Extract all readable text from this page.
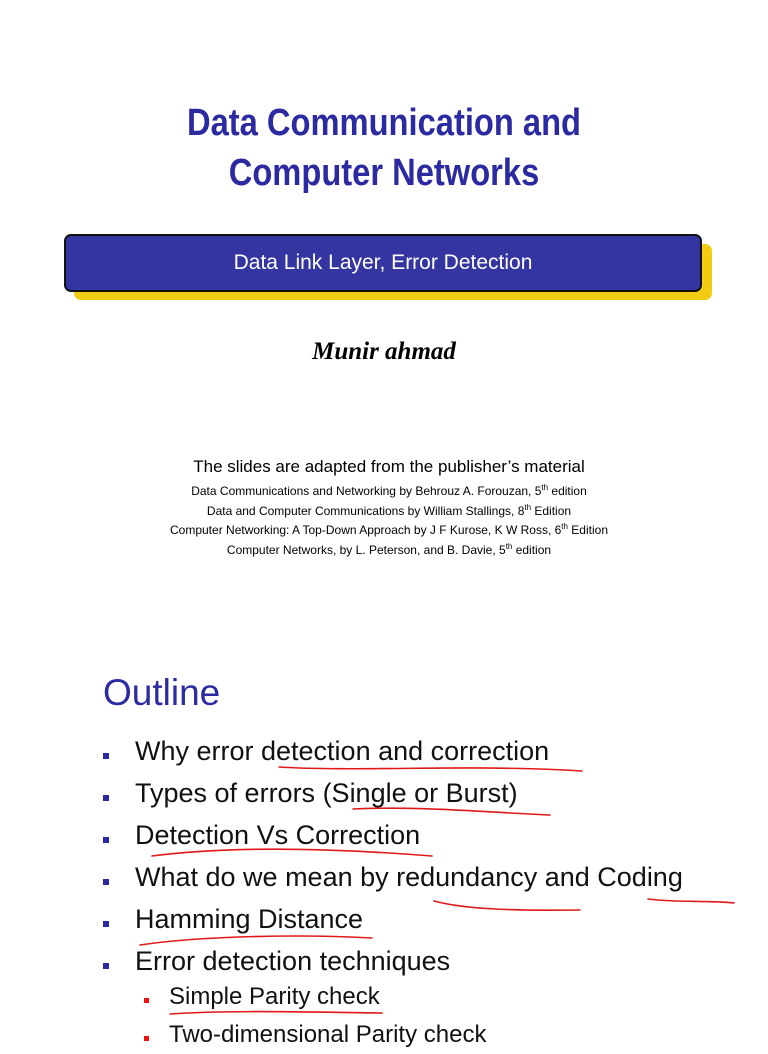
Data Communication and
Computer Networks
Data Link Layer, Error Detection
Munir ahmad
The slides are adapted from the publisher’s material
Data Communications and Networking by Behrouz A. Forouzan, 5th edition
Data and Computer Communications by William Stallings, 8th Edition
Computer Networking: A Top-Down Approach by J F Kurose, K W Ross, 6th Edition
Computer Networks, by L. Peterson, and B. Davie, 5th edition
Outline
Why error detection and correction
Types of errors (Single or Burst)
Detection Vs Correction
What do we mean by redundancy and Coding
Hamming Distance
Error detection techniques
Simple Parity check
Two-dimensional Parity check
